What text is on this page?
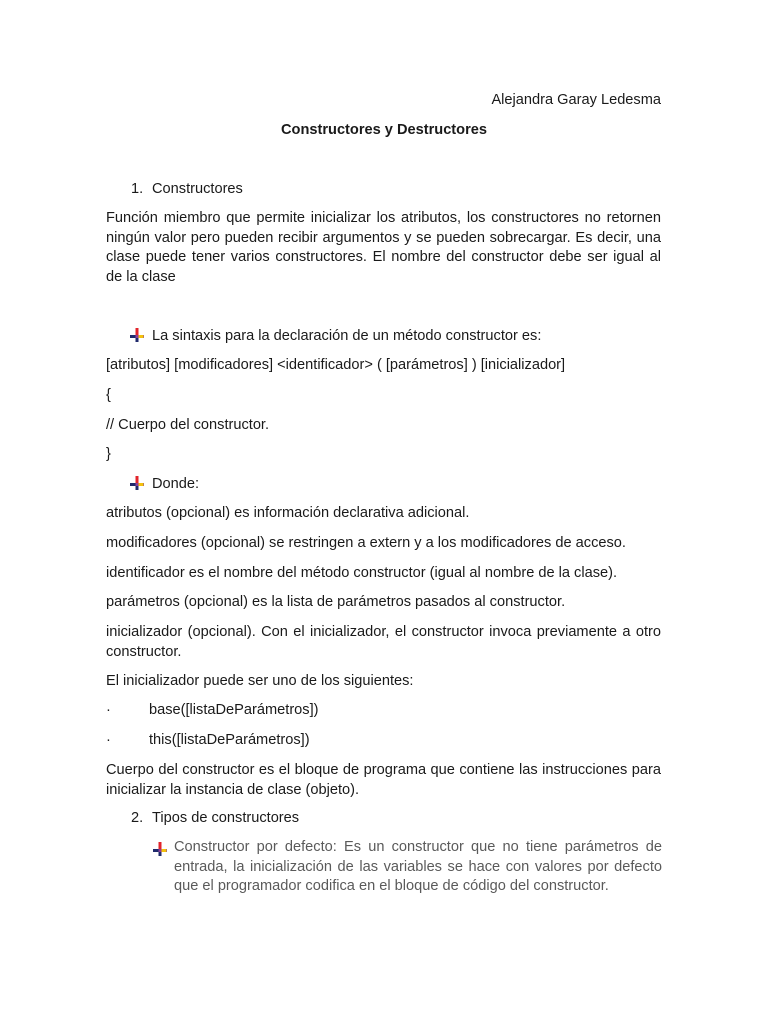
Alejandra Garay Ledesma
Constructores y Destructores
1. Constructores
Función miembro que permite inicializar los atributos, los constructores no retornen ningún valor pero pueden recibir argumentos y se pueden sobrecargar. Es decir, una clase puede tener varios constructores. El nombre del constructor debe ser igual al de la clase
La sintaxis para la declaración de un método constructor es:
[atributos] [modificadores] <identificador> ( [parámetros] ) [inicializador]
{
// Cuerpo del constructor.
}
Donde:
atributos (opcional) es información declarativa adicional.
modificadores (opcional) se restringen a extern y a los modificadores de acceso.
identificador es el nombre del método constructor (igual al nombre de la clase).
parámetros (opcional) es la lista de parámetros pasados al constructor.
inicializador (opcional). Con el inicializador, el constructor invoca previamente a otro constructor.
El inicializador puede ser uno de los siguientes:
·	base([listaDeParámetros])
·	this([listaDeParámetros])
Cuerpo del constructor es el bloque de programa que contiene las instrucciones para inicializar la instancia de clase (objeto).
2. Tipos de constructores
Constructor por defecto: Es un constructor que no tiene parámetros de entrada, la inicialización de las variables se hace con valores por defecto que el programador codifica en el bloque de código del constructor.
